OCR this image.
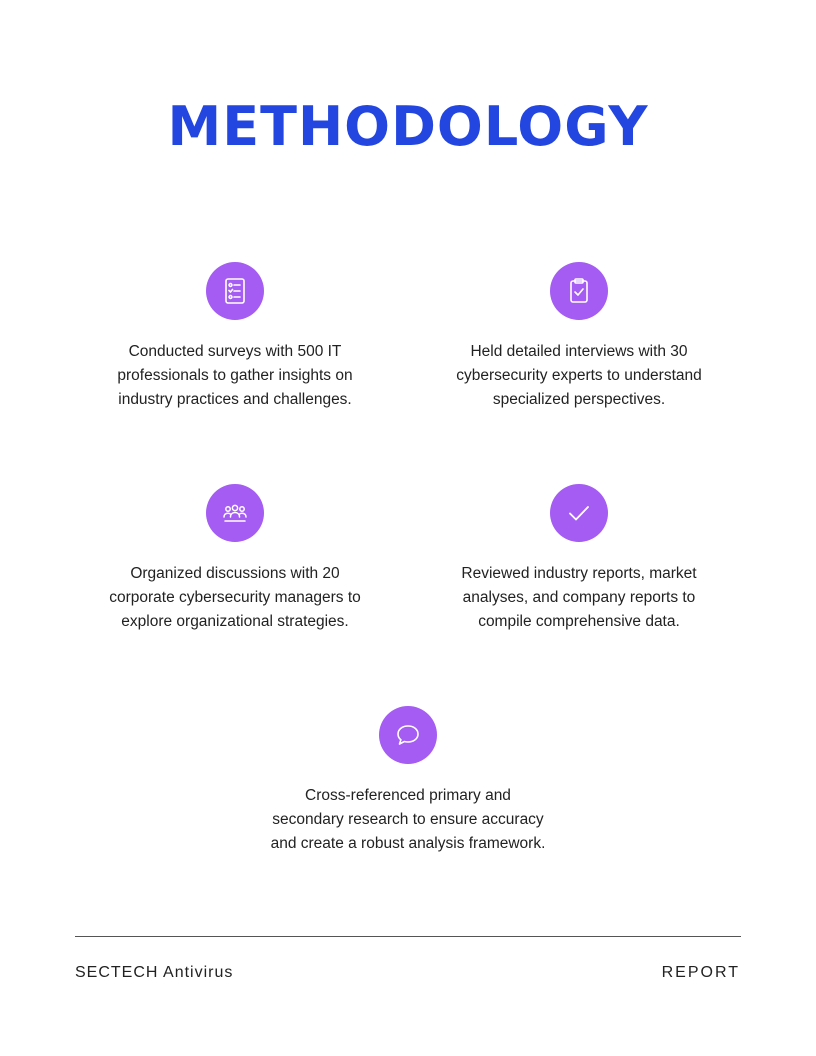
METHODOLOGY
Conducted surveys with 500 IT
professionals to gather insights on
industry practices and challenges.
Held detailed interviews with 30
cybersecurity experts to understand
specialized perspectives.
Organized discussions with 20
corporate cybersecurity managers to
explore organizational strategies.
Reviewed industry reports, market
analyses, and company reports to
compile comprehensive data.
Cross-referenced primary and
secondary research to ensure accuracy
and create a robust analysis framework.
SECTECH Antivirus	REPORT
